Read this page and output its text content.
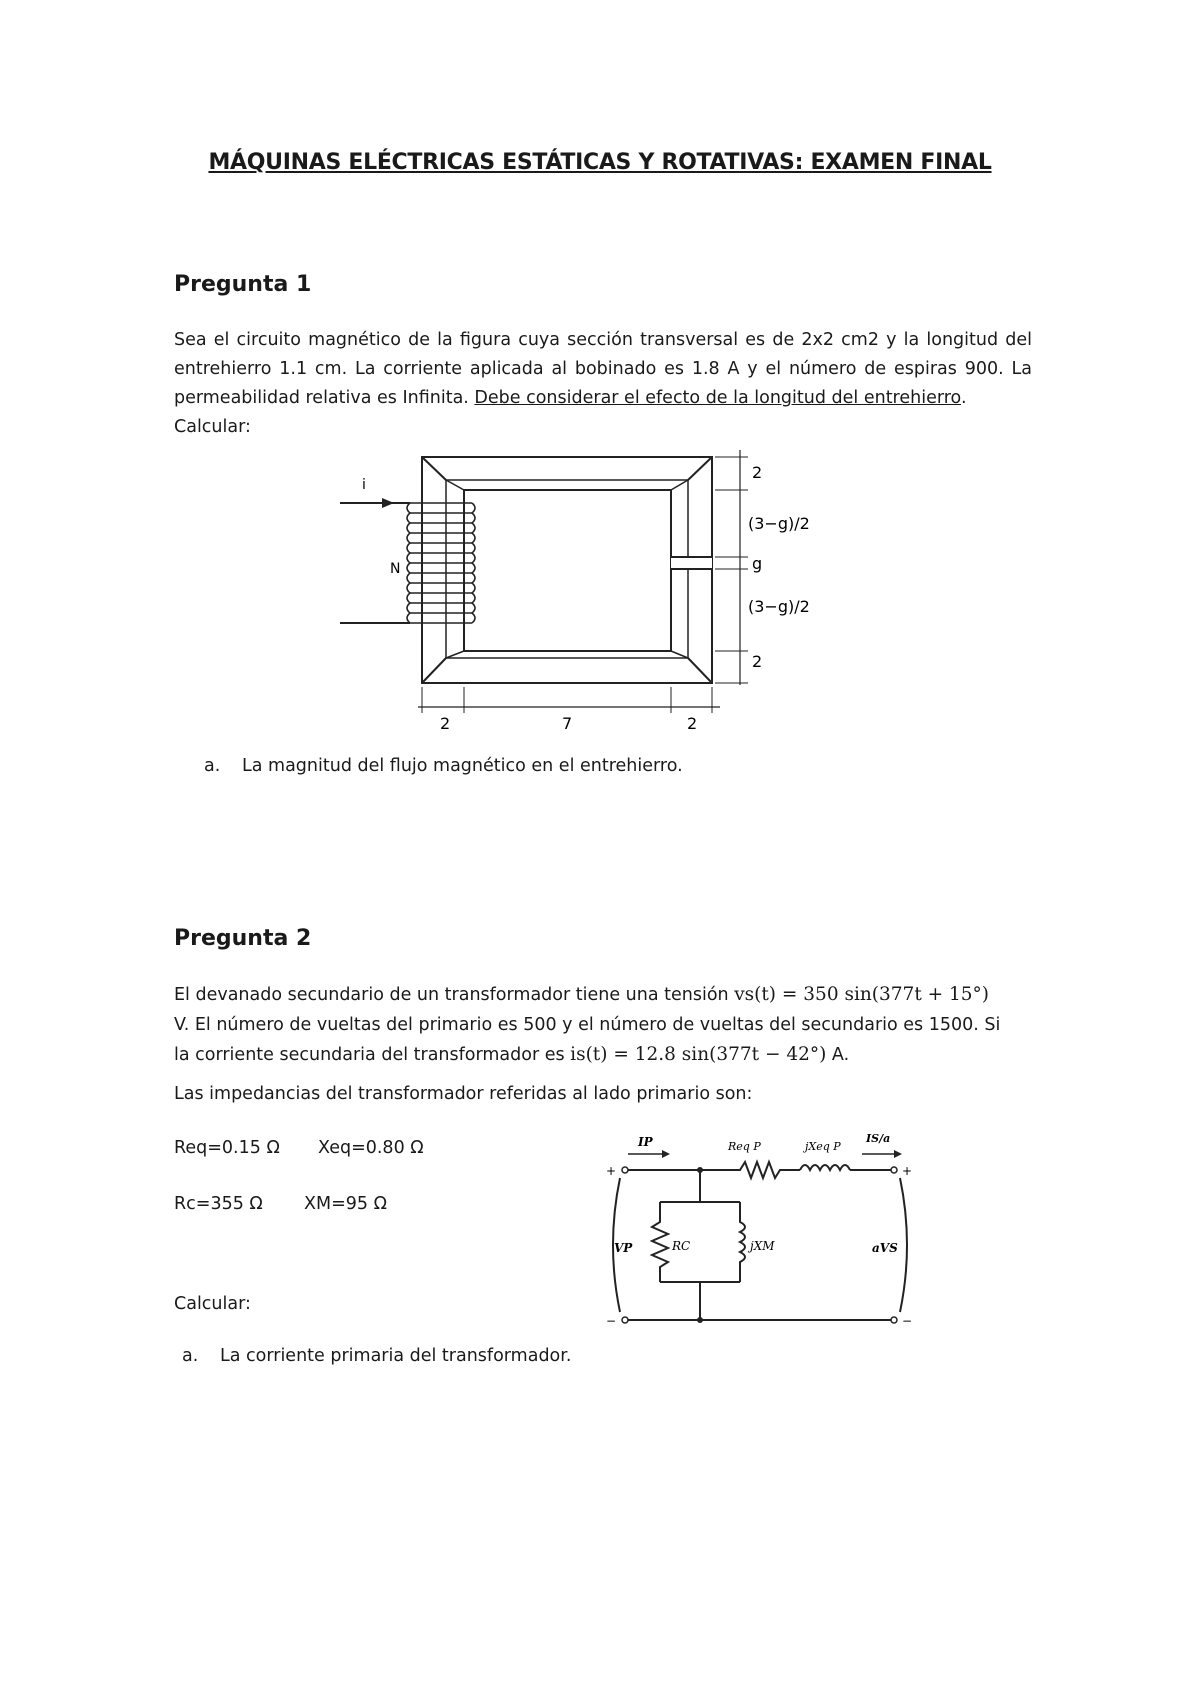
MÁQUINAS ELÉCTRICAS ESTÁTICAS Y ROTATIVAS: EXAMEN FINAL
Pregunta 1
Sea el circuito magnético de la figura cuya sección transversal es de 2x2 cm2 y la longitud del entrehierro 1.1 cm. La corriente aplicada al bobinado es 1.8 A y el número de espiras 900. La permeabilidad relativa es Infinita. Debe considerar el efecto de la longitud del entrehierro.
Calcular:
i
N
2
(3−g)/2
g
(3−g)/2
2
2	7	2
a. La magnitud del flujo magnético en el entrehierro.
Pregunta 2
El devanado secundario de un transformador tiene una tensión vs(t) = 350 sin(377t + 15°)
V. El número de vueltas del primario es 500 y el número de vueltas del secundario es 1500. Si
la corriente secundaria del transformador es is(t) = 12.8 sin(377t − 42°) A.
Las impedancias del transformador referidas al lado primario son:
Req=0.15 Ω Xeq=0.80 Ω
Rc=355 Ω XM=95 Ω
+	+
−	−
IP	Req P	jXeq P
IS/a
VP	RC	jXM	aVS
Calcular:
a. La corriente primaria del transformador.
